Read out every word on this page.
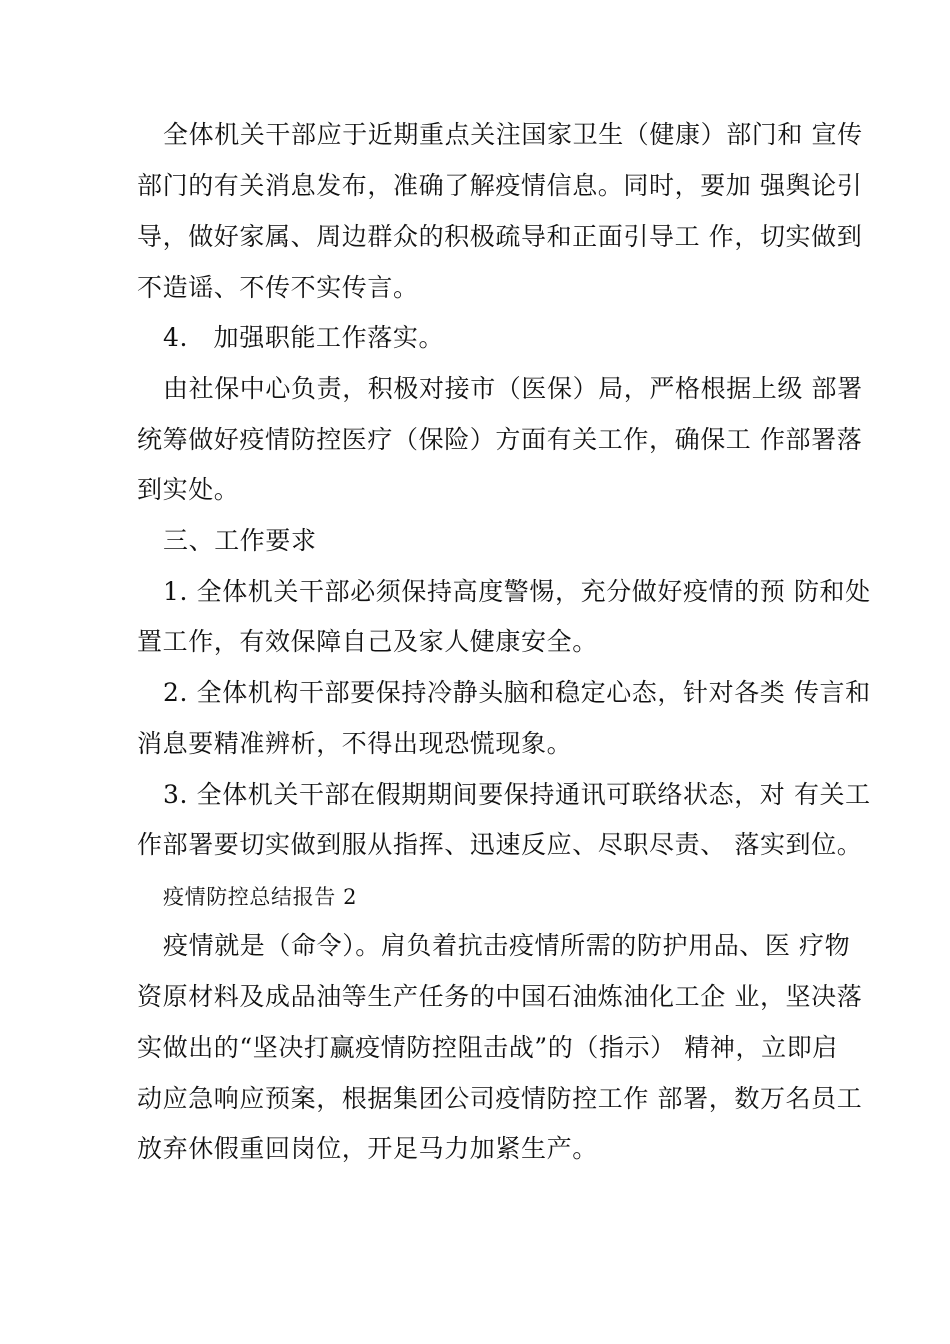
全体机关干部应于近期重点关注国家卫生（健康）部门和 宣传
部门的有关消息发布，准确了解疫情信息。同时，要加 强舆论引
导，做好家属、周边群众的积极疏导和正面引导工 作，切实做到
不造谣、不传不实传言。
4.　加强职能工作落实。
由社保中心负责，积极对接市（医保）局，严格根据上级 部署
统筹做好疫情防控医疗（保险）方面有关工作，确保工 作部署落
到实处。
三、工作要求
1. 全体机关干部必须保持高度警惕，充分做好疫情的预 防和处
置工作，有效保障自己及家人健康安全。
2. 全体机构干部要保持冷静头脑和稳定心态，针对各类 传言和
消息要精准辨析，不得出现恐慌现象。
3. 全体机关干部在假期期间要保持通讯可联络状态，对 有关工
作部署要切实做到服从指挥、迅速反应、尽职尽责、 落实到位。
疫情防控总结报告 2
疫情就是（命令）。肩负着抗击疫情所需的防护用品、医 疗物
资原材料及成品油等生产任务的中国石油炼油化工企 业，坚决落
实做出的“坚决打赢疫情防控阻击战”的（指示） 精神，立即启
动应急响应预案，根据集团公司疫情防控工作 部署，数万名员工
放弃休假重回岗位，开足马力加紧生产。
